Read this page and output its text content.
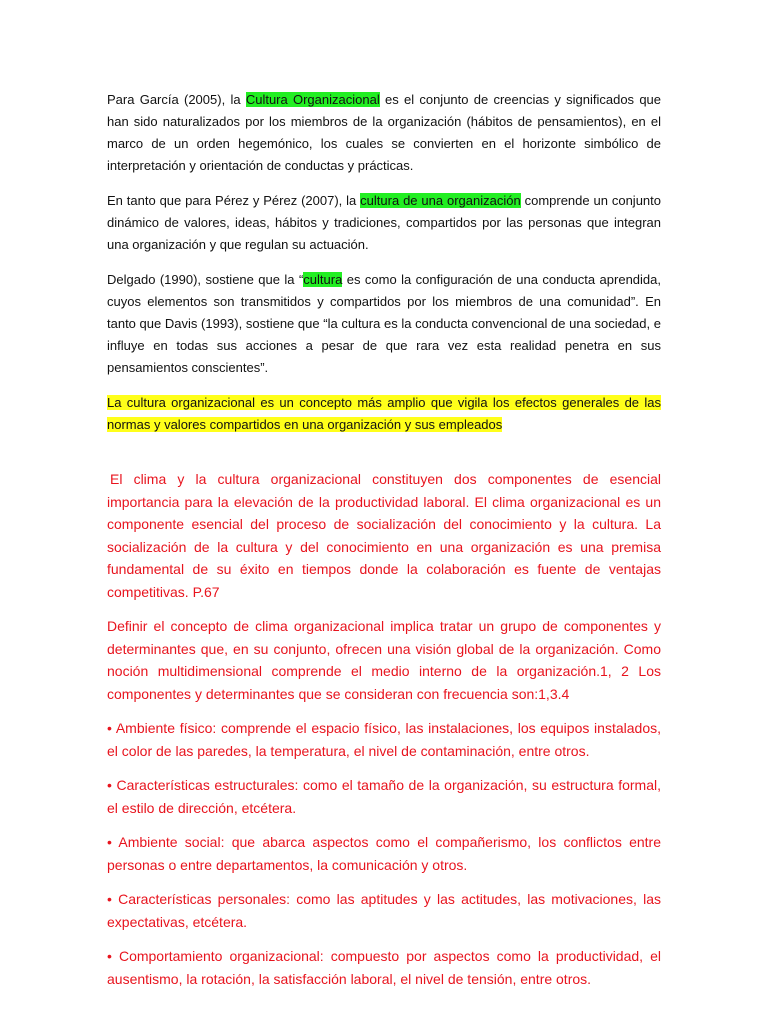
Para García (2005), la Cultura Organizacional es el conjunto de creencias y significados que han sido naturalizados por los miembros de la organización (hábitos de pensamientos), en el marco de un orden hegemónico, los cuales se convierten en el horizonte simbólico de interpretación y orientación de conductas y prácticas.

En tanto que para Pérez y Pérez (2007), la cultura de una organización comprende un conjunto dinámico de valores, ideas, hábitos y tradiciones, compartidos por las personas que integran una organización y que regulan su actuación.

Delgado (1990), sostiene que la “cultura es como la configuración de una conducta aprendida, cuyos elementos son transmitidos y compartidos por los miembros de una comunidad”. En tanto que Davis (1993), sostiene que “la cultura es la conducta convencional de una sociedad, e influye en todas sus acciones a pesar de que rara vez esta realidad penetra en sus pensamientos conscientes”.

La cultura organizacional es un concepto más amplio que vigila los efectos generales de las normas y valores compartidos en una organización y sus empleados

El clima y la cultura organizacional constituyen dos componentes de esencial importancia para la elevación de la productividad laboral. El clima organizacional es un componente esencial del proceso de socialización del conocimiento y la cultura. La socialización de la cultura y del conocimiento en una organización es una premisa fundamental de su éxito en tiempos donde la colaboración es fuente de ventajas competitivas. P.67

Definir el concepto de clima organizacional implica tratar un grupo de componentes y determinantes que, en su conjunto, ofrecen una visión global de la organización. Como noción multidimensional comprende el medio interno de la organización.1, 2 Los componentes y determinantes que se consideran con frecuencia son:1,3.4

• Ambiente físico: comprende el espacio físico, las instalaciones, los equipos instalados, el color de las paredes, la temperatura, el nivel de contaminación, entre otros.

• Características estructurales: como el tamaño de la organización, su estructura formal, el estilo de dirección, etcétera.

• Ambiente social: que abarca aspectos como el compañerismo, los conflictos entre personas o entre departamentos, la comunicación y otros.

• Características personales: como las aptitudes y las actitudes, las motivaciones, las expectativas, etcétera.

• Comportamiento organizacional: compuesto por aspectos como la productividad, el ausentismo, la rotación, la satisfacción laboral, el nivel de tensión, entre otros.
